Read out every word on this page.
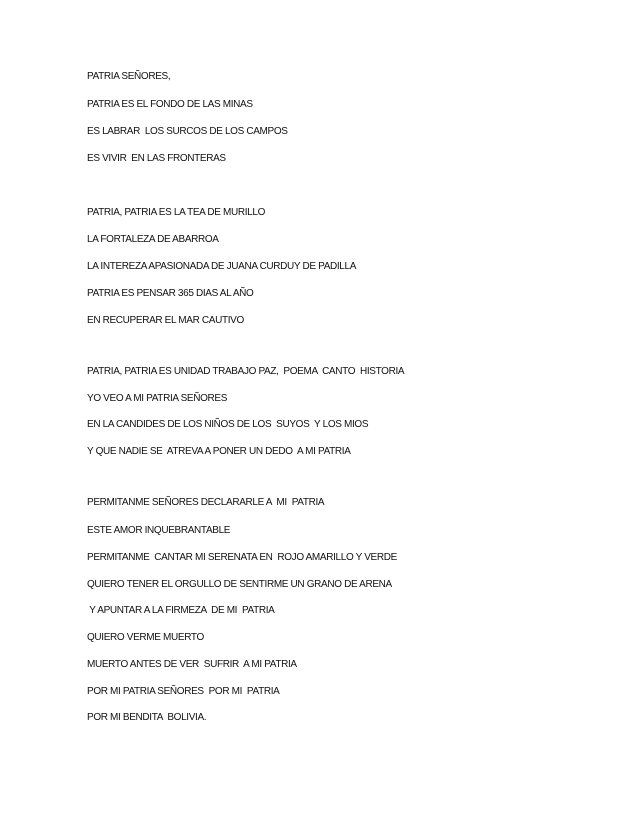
PATRIA SEÑORES,
PATRIA ES EL FONDO DE LAS MINAS
ES LABRAR  LOS SURCOS DE LOS CAMPOS
ES VIVIR  EN LAS FRONTERAS
PATRIA, PATRIA ES LA TEA DE MURILLO
LA FORTALEZA DE ABARROA
LA INTEREZA APASIONADA DE JUANA CURDUY DE PADILLA
PATRIA ES PENSAR 365 DIAS AL AÑO
EN RECUPERAR EL MAR CAUTIVO
PATRIA, PATRIA ES UNIDAD TRABAJO PAZ,  POEMA  CANTO  HISTORIA
YO VEO A MI PATRIA SEÑORES
EN LA CANDIDES DE LOS NIÑOS DE LOS  SUYOS  Y LOS MIOS
Y QUE NADIE SE  ATREVA A PONER UN DEDO  A MI PATRIA
PERMITANME SEÑORES DECLARARLE A  MI  PATRIA
ESTE AMOR INQUEBRANTABLE
PERMITANME  CANTAR MI SERENATA EN  ROJO AMARILLO Y VERDE
QUIERO TENER EL ORGULLO DE SENTIRME UN GRANO DE ARENA
Y APUNTAR A LA FIRMEZA  DE MI  PATRIA
QUIERO VERME MUERTO
MUERTO ANTES DE VER  SUFRIR  A MI PATRIA
POR MI PATRIA SEÑORES  POR MI  PATRIA
POR MI BENDITA  BOLIVIA.
